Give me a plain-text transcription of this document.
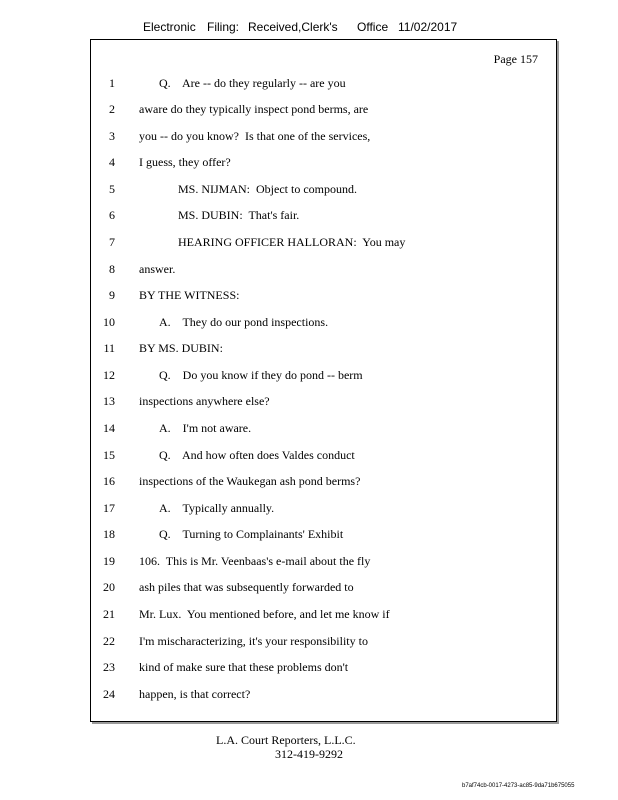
Electronic Filing: Received,Clerk's Office 11/02/2017
Page 157
1	Q.    Are -- do they regularly -- are you
2 aware do they typically inspect pond berms, are
3 you -- do you know?  Is that one of the services,
4 I guess, they offer?
5	MS. NIJMAN:  Object to compound.
6	MS. DUBIN:  That's fair.
7	HEARING OFFICER HALLORAN:  You may
8 answer.
9 BY THE WITNESS:
10	A.    They do our pond inspections.
11 BY MS. DUBIN:
12	Q.    Do you know if they do pond -- berm
13 inspections anywhere else?
14	A.    I'm not aware.
15	Q.    And how often does Valdes conduct
16 inspections of the Waukegan ash pond berms?
17	A.    Typically annually.
18	Q.    Turning to Complainants' Exhibit
19 106.  This is Mr. Veenbaas's e-mail about the fly
20 ash piles that was subsequently forwarded to
21 Mr. Lux.  You mentioned before, and let me know if
22 I'm mischaracterizing, it's your responsibility to
23 kind of make sure that these problems don't
24 happen, is that correct?
L.A. Court Reporters, L.L.C.
312-419-9292
b7af74cb-0017-4273-ac85-9da71b675055
